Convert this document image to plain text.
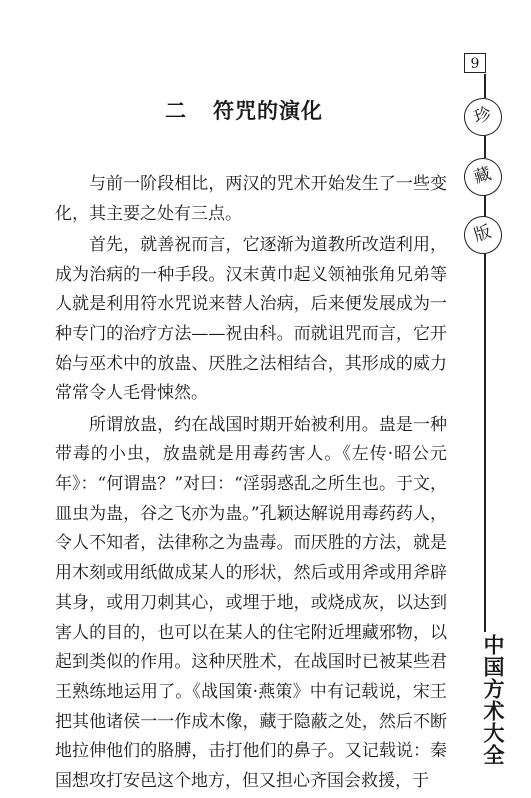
9
珍
藏
版
中国方术大全
二 符咒的演化

与前一阶段相比，两汉的咒术开始发生了一些变化，其主要之处有三点。

首先，就善祝而言，它逐渐为道教所改造利用，成为治病的一种手段。汉末黄巾起义领袖张角兄弟等人就是利用符水咒说来替人治病，后来便发展成为一种专门的治疗方法——祝由科。而就诅咒而言，它开始与巫术中的放蛊、厌胜之法相结合，其形成的威力常常令人毛骨悚然。

所谓放蛊，约在战国时期开始被利用。蛊是一种带毒的小虫，放蛊就是用毒药害人。《左传·昭公元年》：“何谓蛊？”对曰：“淫弱惑乱之所生也。于文，皿虫为蛊，谷之飞亦为蛊。”孔颖达解说用毒药药人，令人不知者，法律称之为蛊毒。而厌胜的方法，就是用木刻或用纸做成某人的形状，然后或用斧或用斧辟其身，或用刀刺其心，或埋于地，或烧成灰，以达到害人的目的，也可以在某人的住宅附近埋藏邪物，以起到类似的作用。这种厌胜术，在战国时已被某些君王熟练地运用了。《战国策·燕策》中有记载说，宋王把其他诸侯一一作成木像，藏于隐蔽之处，然后不断地拉伸他们的胳膊，击打他们的鼻子。又记载说：秦国想攻打安邑这个地方，但又担心齐国会救援，于
